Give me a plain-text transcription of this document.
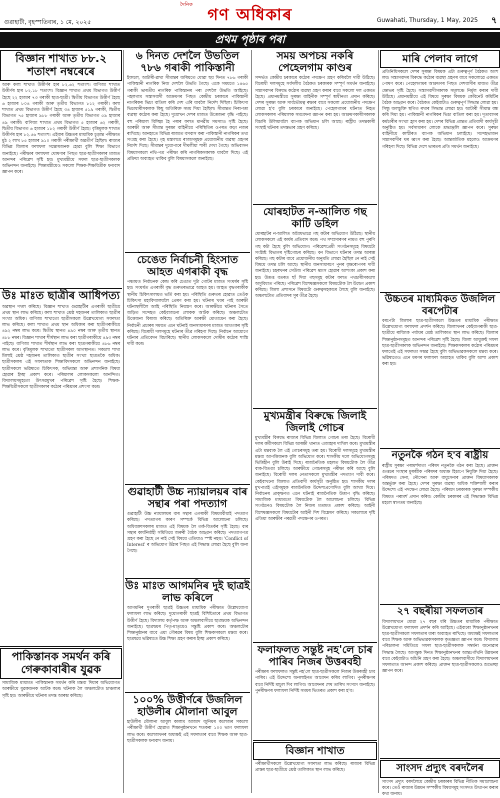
গুৱাহাটী, বৃহস্পতিবাৰ, ১ মে, ২০২৫
দৈনিক গণ অধিকাৰ	Guwahati, Thursday, 1 May, 2025 ৭
প্ৰথম পৃষ্ঠাৰ পৰা
বিজ্ঞান শাখাত ৮৮.২ শতাংশ নম্বৰেৰে
আৰু কলা শাখাত উত্তীৰ্ণৰ হাৰ ৮২.৬২ শতাংশ। বাণিজ্য শাখাত উত্তীৰ্ণৰ হাৰ ৮২.১৮ শতাংশ। বিজ্ঞান শাখাত প্ৰথম বিভাগত উত্তীৰ্ণ হৈছে ২২ হাজাৰ ৭৩ গৰাকী ছাত্ৰ-ছাত্ৰী। দ্বিতীয় বিভাগত উত্তীৰ্ণ হৈছে ৬ হাজাৰ ৮০৪ গৰাকী আৰু তৃতীয় বিভাগত ৮১২ গৰাকী। কলা শাখাত প্ৰথম বিভাগত উত্তীৰ্ণ হৈছে ৩৪ হাজাৰ ৫১৯ গৰাকী, দ্বিতীয় বিভাগত ৭৫ হাজাৰ ৯৮৮ গৰাকী আৰু তৃতীয় বিভাগত ৫৯ হাজাৰ ৪৯ গৰাকী। বাণিজ্য শাখাত প্ৰথম বিভাগত ৫ হাজাৰ ৬২ গৰাকী, দ্বিতীয় বিভাগত ৬ হাজাৰ ১৮২ গৰাকী উত্তীৰ্ণ হৈছে। বৃত্তিমূলক শাখাত উত্তীৰ্ণৰ হাৰ ৮২.৫৬ শতাংশ। এইবাৰ উচ্চতৰ মাধ্যমিক চূড়ান্ত পৰীক্ষাত মুঠ ২ লাখ ৮৫ হাজাৰ ৯১০ গৰাকী পৰীক্ষাৰ্থী অৱতীৰ্ণ হৈছিল। ৰাজ্যৰ বিভিন্ন জিলাৰ ফলাফল সন্তোষজনক হোৱা বুলি শিক্ষা বিভাগে জনাইছে। পৰীক্ষাৰ ফলাফল ঘোষণাৰ পিছত ছাত্ৰ-ছাত্ৰীসকলৰ মাজত আনন্দৰ পৰিৱেশ সৃষ্টি হয়। মুখ্যমন্ত্ৰীয়ে সফল ছাত্ৰ-ছাত্ৰীসকলক অভিনন্দন জনাইছে। শিক্ষামন্ত্ৰীয়েও সকলো শিক্ষক-শিক্ষয়িত্ৰীক ধন্যবাদ জ্ঞাপন কৰে।
উঃ মাঃত ছাত্ৰীৰ আধিপত্য
অৱস্থান দখল কৰিছে। বিজ্ঞান শাখাত গুৱাহাটীৰ এগৰাকী ছাত্ৰীয়ে প্ৰথম স্থান লাভ কৰিছে। কলা শাখাত শ্ৰেষ্ঠ দহজনৰ তালিকাত ছাত্ৰীৰ সংখ্যা অধিক। বাণিজ্য শাখাতো ছাত্ৰীসকলে উল্লেখযোগ্য সফলতা লাভ কৰিছে। কলা শাখাত প্ৰথম স্থান অধিকাৰ কৰা ছাত্ৰীগৰাকীয়ে ৪৯২ নম্বৰ লাভ কৰে। দ্বিতীয় স্থানত ৪৯০ নম্বৰ আৰু তৃতীয় স্থানত ৪৮৮ নম্বৰ। বিজ্ঞান শাখাৰ শীৰ্ষস্থান লাভ কৰা ছাত্ৰীগৰাকীয়ে ৪৯৩ নম্বৰ পাইছে। বাণিজ্য শাখাত শীৰ্ষস্থান লাভ কৰা ছাত্ৰগৰাকীয়ে ৪৮৬ নম্বৰ লাভ কৰে। বৃত্তিমূলক শাখাতো ছাত্ৰীসকল আগস্থানত। সকলো শাখা মিলাই শ্ৰেষ্ঠ দহজনৰ তালিকাত ছাত্ৰীৰ সংখ্যা ছাত্ৰতকৈ অধিক। ছাত্ৰীসকলৰ এই সফলতাক শিক্ষাবিদসকলে অভিনন্দন জনাইছে। ছাত্ৰীসকলে ভৱিষ্যতে চিকিৎসক, অভিযন্তা আৰু প্ৰশাসনিক বিষয়া হোৱাৰ ইচ্ছা প্ৰকাশ কৰে। পৰিয়ালৰ লোকসকলো আনন্দিত। বিদ্যালয়সমূহতো উৎসৱমুখৰ পৰিৱেশ সৃষ্টি হৈছে। শিক্ষক-শিক্ষয়িত্ৰীসকলে ছাত্ৰীসকলৰ কঠোৰ পৰিশ্ৰমৰ প্ৰশংসা কৰে।
পাকিস্তানক সমৰ্থন কৰি গেৰুকাবাৰীৰ যুৱক
সামাজিক মাধ্যমত পাকিস্তানক সমৰ্থন কৰি মন্তব্য দিয়াৰ অভিযোগত আৰক্ষীয়ে যুৱকজনক আটক কৰে। ঘটনাক লৈ অঞ্চলটোত চাঞ্চল্যৰ সৃষ্টি হয়। আৰক্ষীয়ে ঘটনাৰ তদন্ত আৰম্ভ কৰিছে।
৬ দিনত দেশলৈ উভতিল ৭৮৬ গৰাকী পাকিস্তানী
ইফালে, আটাৰী-ৱাঘা সীমান্তৰ জৰিয়তে যোৱা ছয় দিনত ৭৮৬ গৰাকী পাকিস্তানী নাগৰিক নিজ দেশলৈ উভতি গৈছে। একে সময়তে ১৪৬৫ গৰাকী ভাৰতীয় নাগৰিক পাকিস্তানৰ পৰা দেশলৈ উভতি আহিছে। পহলগাম সন্ত্ৰাসবাদী আক্ৰমণৰ পিছত কেন্দ্ৰীয় চৰকাৰে পাকিস্তানী নাগৰিকৰ ভিচা বাতিল কৰি দেশ এৰি যাবলৈ নিৰ্দেশ দিছিল। চিকিৎসা ভিচাধাৰীসকলক কিছু অতিৰিক্ত সময় দিয়া হৈছিল। সীমান্তত নিৰাপত্তা ব্যৱস্থা কঠোৰ কৰা হৈছে। দুয়োখন দেশৰ মাজত উত্তেজনা বৃদ্ধি পাইছে। বহু পৰিয়াল বিচ্ছিন্ন হৈ পৰাৰ ফলত মানৱীয় সমস্যাও সৃষ্টি হৈছে। আৰক্ষী আৰু সীমান্ত সুৰক্ষা বাহিনীয়ে পৰিস্থিতিৰ ওপৰত কড়া নজৰ ৰাখিছে। আনহাতে বিভিন্ন ৰাজ্যত বসবাস কৰা পাকিস্তানী নাগৰিকৰ তথ্য সংগ্ৰহ কৰা হৈছে। গৃহ মন্ত্ৰালয়ে ৰাজ্যসমূহক প্ৰয়োজনীয় ব্যৱস্থা গ্ৰহণৰ নিৰ্দেশ দিছে। সীমান্তৰ দুয়োপাৰে দীঘলীয়া শাৰী দেখা গৈছে। অভিবাসন বিষয়াসকলে নথি-পত্ৰ পৰীক্ষা কৰি নাগৰিকসকলক যাবলৈ দিছে। এই প্ৰক্ৰিয়া অব্যাহত থাকিব বুলি বিষয়াসকলে জনাইছে।
চেঙেত নিৰ্বাচনী হিংসাত আহত এগৰাকী বৃদ্ধ
পঞ্চায়ত নিৰ্বাচনক কেন্দ্ৰ কৰি চেঙাত দুটা গোটৰ মাজত সংঘৰ্ষৰ সৃষ্টি হয়। সংঘৰ্ষত এগৰাকী বৃদ্ধ গুৰুতৰভাৱে আহত হয়। আহত বৃদ্ধগৰাকীক স্থানীয় চিকিৎসালয়ত ভৰ্তি কৰা হয়। পৰিস্থিতি গুৰুতৰ হোৱাত তেওঁক চিকিৎসা মহাবিদ্যালয়লৈ প্ৰেৰণ কৰা হয়। ঘটনাৰ খবৰ পাই আৰক্ষী ঘটনাস্থলীলৈ আহি পৰিস্থিতি নিয়ন্ত্ৰণ কৰে। আৰক্ষীয়ে ঘটনাৰ সৈতে জড়িত সন্দেহত কেইবাজনো লোকক আটক কৰিছে। অঞ্চলটোত উত্তেজনা বিৰাজ কৰিছে। অতিৰিক্ত আৰক্ষী মোতায়েন কৰা হৈছে। নিৰ্বাচনী প্ৰচাৰৰ সময়ত এনে ঘটনাই জনসাধাৰণৰ মাজত আতংকৰ সৃষ্টি কৰিছে। বিৰোধী দলসমূহে ঘটনাৰ তীব্ৰ গৰিহণা দিছে। নিৰ্বাচন আয়োগে ঘটনাৰ প্ৰতিবেদন বিচাৰিছে। স্থানীয় লোকসকলে দোষীৰ কঠোৰ শাস্তি দাবী কৰে।
গুৱাহাটী উচ্চ ন্যায়ালয়ৰ বাৰ সন্থাৰ পৰা পদত্যাগ
গুৱাহাটী উচ্চ ন্যায়ালয়ৰ বাৰ সন্থাৰ এগৰাকী বিষয়ববীয়াই পদত্যাগ কৰিছে। পদত্যাগৰ কাৰণ সম্পৰ্কে বিভিন্ন আলোচনা চলিছে। অধিবক্তাসকলৰ মাজত এই বিষয়ক লৈ তৰ্ক-বিতৰ্কৰ সৃষ্টি হৈছে। বাৰ সন্থাৰ কাৰ্যনিৰ্বাহী সমিতিয়ে জৰুৰী বৈঠক আহ্বান কৰিছে। পদত্যাগপত্ৰ গ্ৰহণ কৰা হৈছে নে নাই সেই বিষয়ে এতিয়াও স্পষ্ট নহয়। 'Conflict of Interest' ৰ অভিযোগ উঠাৰ পিছত এই সিদ্ধান্ত লোৱা হৈছে বুলি জনা গৈছে।
উঃ মাঃত আগমনিৰ দুই ছাত্ৰই লাভ কৰিলে
আগমনিৰ দুগৰাকী ছাত্ৰই উচ্চতৰ মাধ্যমিক পৰীক্ষাত উল্লেখযোগ্য ফলাফল লাভ কৰিছে। দুয়োগৰাকী ছাত্ৰই বিশিষ্টতাৰে প্ৰথম বিভাগত উত্তীৰ্ণ হৈছে। বিদ্যালয় কৰ্তৃপক্ষ আৰু অঞ্চলবাসীয়ে ছাত্ৰদ্বয়ক অভিনন্দন জনাইছে। ছাত্ৰদ্বয়ৰ পিতৃ-মাতৃয়েও সন্তুষ্টি প্ৰকাশ কৰে। অঞ্চলটোৰ শিক্ষানুষ্ঠানৰ বাবে এয়া গৌৰৱৰ বিষয় বুলি শিক্ষকসকলে মন্তব্য কৰে। ছাত্ৰদ্বয়ে ভৱিষ্যতে উচ্চ শিক্ষা গ্ৰহণ কৰাৰ ইচ্ছা প্ৰকাশ কৰিছে।
১০০% উত্তীৰ্ণৰে উজলিল হাউলীৰ মৌলানা আবুল
হাউলীৰ মৌলানা আবুল কালাম আজাদ জুনিয়ৰ কলেজৰ সকলো পৰীক্ষাৰ্থী উত্তীৰ্ণ হোৱাত শিক্ষানুষ্ঠানখনে শতকৰা ১০০ ভাগ ফলাফল লাভ কৰে। কলেজখনৰ অধ্যক্ষই এই সফলতাৰ বাবে শিক্ষক আৰু ছাত্ৰ-ছাত্ৰীসকলক ধন্যবাদ জনায়।
সময় অপচয় নকৰি পেহেলগাম কাণ্ডৰ
সন্দৰ্ভত কেন্দ্ৰীয় চৰকাৰে কঠোৰ পদক্ষেপ গ্ৰহণ কৰিবলৈ দাবী উঠিছে। বিৰোধী দলসমূহে সৰ্বদলীয় বৈঠকত চৰকাৰক সম্পূৰ্ণ সমৰ্থন জনাইছে। সন্ত্ৰাসবাদৰ বিৰুদ্ধে কঠোৰ ব্যৱস্থা গ্ৰহণ কৰাৰ বাবে সকলো দল একমত হৈছে। প্ৰধানমন্ত্ৰীয়ে সুৰক্ষা বাহিনীক সম্পূৰ্ণ স্বাধীনতা প্ৰদান কৰিছে। দেশৰ সুৰক্ষা আৰু সাৰ্বভৌমত্ব ৰক্ষাৰ বাবে সকলো প্ৰয়োজনীয় পদক্ষেপ লোৱা হ'ব বুলি চৰকাৰে জনাইছে। পেহেলগামৰ ঘটনাত নিহত লোকসকলৰ পৰিয়ালক সমবেদনা জ্ঞাপন কৰা হয়। আক্ৰমণকাৰীসকলক বিচাৰি উলিয়াবলৈ ব্যাপক অভিযান চলি আছে। ৰাষ্ট্ৰীয় তদন্তকাৰী সংস্থাই ঘটনাৰ তদন্তভাৰ গ্ৰহণ কৰিছে।
যোৰহাটত ন-আলিত গছ কাটি ডহিল
যোৰহাটৰ ন-আলিত অবৈধভাৱে গছ কটাৰ অভিযোগ উঠিছে। স্থানীয় লোকসকলে এই কাৰ্যৰ প্ৰতিবাদ কৰে। পথ সম্প্ৰসাৰণৰ নামত বহু পুৰণি গছ কটা হৈছে বুলি অভিযোগ। পৰিৱেশপ্ৰেমী সংগঠনসমূহে বিষয়টো সংশ্লিষ্ট বিভাগৰ দৃষ্টিগোচৰ কৰিছে। বন বিভাগে ঘটনাৰ তদন্ত আৰম্ভ কৰিছে। গছ কটাৰ বাবে প্ৰয়োজনীয় অনুমতি লোৱা হৈছিল নে নাই সেই বিষয়ে তদন্ত চলি আছে। স্থানীয় জনসাধাৰণে পুনৰ বৃক্ষৰোপণৰ দাবী জনাইছে। চহৰখনৰ সেউজ পৰিৱেশ ধ্বংস হোৱাৰ আশংকা প্ৰকাশ কৰা হয়। উত্তপ্ত বতৰত ছাঁ দিয়া গছসমূহ কটাৰ ফলত পথচাৰীসকলো অসুবিধাত পৰিছে। পৰিৱেশ বিশেষজ্ঞসকলে বিষয়টোক লৈ উদ্বেগ প্ৰকাশ কৰিছে। জিলা প্ৰশাসনে বিষয়টো গুৰুত্বসহকাৰে লৈছে বুলি জনাইছে। অঞ্চলটোত প্ৰতিবাদৰ সুৰ তীব্ৰ হৈছে।
মুখ্যমন্ত্ৰীৰ বিৰুদ্ধে জিলাই জিলাই গোচৰ
মুখ্যমন্ত্ৰীৰ বিৰুদ্ধে ৰাজ্যৰ বিভিন্ন জিলাত গোচৰ তৰা হৈছে। বিৰোধী দলৰ কৰ্মীসকলে বিভিন্ন আৰক্ষী থানাত এজাহাৰ দাখিল কৰে। মুখ্যমন্ত্ৰীৰ এটা মন্তব্যক লৈ এই গোচৰসমূহ তৰা হয়। বিৰোধী দলসমূহে মুখ্যমন্ত্ৰীৰ মন্তব্য আপত্তিজনক বুলি অভিযোগ কৰে। শাসকীয় দলে অভিযোগসমূহ ভিত্তিহীন বুলি উৰাই দিছে। ৰাজনৈতিক মহলত বিষয়টোক লৈ তীব্ৰ বাক-বিতণ্ডা চলিছে। আৰক্ষীয়ে গোচৰসমূহ পৰীক্ষা কৰি আছে বুলি জনাইছে। বিৰোধী দলৰ নেতাসকলে মুখ্যমন্ত্ৰীৰ পদত্যাগ দাবী কৰে। কেইবাখনো জিলাত প্ৰতিবাদী কাৰ্যসূচী অনুষ্ঠিত হয়। শাসকীয় দলৰ মুখপাত্ৰই এইসমূহক ৰাজনৈতিক উদ্দেশ্যপ্ৰণোদিত বুলি আখ্যা দিয়ে। নিৰ্বাচনৰ প্ৰাক্ক্ষণত এনে ঘটনাই ৰাজনৈতিক উত্তাপ বৃদ্ধি কৰিছে। সামাজিক মাধ্যমতো বিষয়টোক লৈ আলোচনা চলিছে। বিভিন্ন সংগঠনেও বিষয়টোক লৈ নিজৰ মতামত প্ৰকাশ কৰিছে। আইনী বিশেষজ্ঞসকলে বিষয়টোৰ আইনী দিশ বিশ্লেষণ কৰিছে। সকলোৰে দৃষ্টি এতিয়া আৰক্ষীৰ পৰৱৰ্তী পদক্ষেপৰ ওপৰত।
ফলাফলত সন্তুষ্ট নহ'লে চাৰ পাৰিব নিজৰ উত্তৰবহী
পৰীক্ষাৰ ফলাফলত সন্তুষ্ট নহ'লে ছাত্ৰ-ছাত্ৰীসকলে নিজৰ উত্তৰবহী চাব পাৰিব। এই উদ্দেশ্যে অনলাইনত আবেদন কৰিব লাগিব। পুনৰীক্ষণৰ বাবে নিৰ্দিষ্ট মাচুল দিব লাগিব। আবেদনৰ শেষ তাৰিখ সংসদে জনাইছে। পুনৰীক্ষণৰ ফলাফল নিৰ্দিষ্ট সময়ৰ ভিতৰত প্ৰকাশ কৰা হ'ব।
বিজ্ঞান শাখাত
পৰীক্ষাৰ্থীসকলে উল্লেখযোগ্য সফলতা লাভ কৰিছে। ৰাজ্যৰ বিভিন্ন প্ৰান্তৰ ছাত্ৰ-ছাত্ৰীয়ে শ্ৰেষ্ঠ তালিকাত স্থান লাভ কৰিছে।
মাৰি পেলাব লাগে
প্ৰতিনিধিসকলে দেশৰ সুৰক্ষা বিষয়ক এটা গুৰুত্বপূৰ্ণ বৈঠকত অংশ লয়। সন্ত্ৰাসবাদৰ বিৰুদ্ধে কঠোৰ ব্যৱস্থা গ্ৰহণৰ বাবে সকলোৱে একমত পোষণ কৰে। পেহেলগামৰ আক্ৰমণৰ পিছত দেশবাসীৰ মাজত তীব্ৰ ক্ষোভৰ সৃষ্টি হৈছে। সন্ত্ৰাসবাদীসকলক সমূলঞ্চে নিৰ্মূল কৰাৰ দাবী উঠিছে। প্ৰধানমন্ত্ৰীয়ে এই বিষয়ে সুৰক্ষা বিষয়ক কেবিনেট কমিটিৰ বৈঠক আহ্বান কৰে। বৈঠকত কেইবাটাও গুৰুত্বপূৰ্ণ সিদ্ধান্ত লোৱা হয়। সিন্ধু জলচুক্তি স্থগিত ৰখাৰ সিদ্ধান্ত লোৱা হয়। আটাৰী সীমান্ত বন্ধ কৰি দিয়া হয়। পাকিস্তানী নাগৰিকৰ ভিচা বাতিল কৰা হয়। দূতাবাসৰ কৰ্মচাৰীৰ সংখ্যা হ্ৰাস কৰা হয়। দেশৰ বিভিন্ন প্ৰান্তত প্ৰতিবাদী কাৰ্যসূচী অনুষ্ঠিত হয়। সৰ্বসাধাৰণ লোকে শ্ৰদ্ধাঞ্জলি জ্ঞাপন কৰে। সুৰক্ষা বাহিনীয়ে কাশ্মীৰত ব্যাপক অভিযান চলাইছে। সন্দেহভাজন সন্ত্ৰাসবাদীৰ ঘৰ ধ্বংস কৰা হৈছে। আন্তৰ্জাতিক মহলেও আক্ৰমণৰ গৰিহণা দিছে। বিভিন্ন দেশে ভাৰতৰ প্ৰতি সমৰ্থন জনাইছে।
উচ্চতৰ মাধ্যমিকত উজলিল বৰপেটাৰ
বৰপেটা জিলাৰ ছাত্ৰ-ছাত্ৰীসকলে উচ্চতৰ মাধ্যমিক পৰীক্ষাত উল্লেখযোগ্য ফলাফল প্ৰদৰ্শন কৰিছে। জিলাখনৰ কেইবাগৰাকী ছাত্ৰ-ছাত্ৰীয়ে ৰাজ্যিক পৰ্যায়ৰ শ্ৰেষ্ঠ তালিকাত স্থান লাভ কৰিছে। জিলাৰ শিক্ষানুষ্ঠানসমূহত আনন্দৰ পৰিৱেশ সৃষ্টি হৈছে। জিলা আয়ুক্তই সফল ছাত্ৰ-ছাত্ৰীসকলক অভিনন্দন জনাইছে। শিক্ষকসকলৰ কঠোৰ পৰিশ্ৰমৰ ফলতেই এই সফলতা সম্ভৱ হৈছে বুলি অভিভাৱকসকলে মন্তব্য কৰে। ভৱিষ্যতেও এনে ধৰণৰ ফলাফল অব্যাহত থাকিব বুলি আশা প্ৰকাশ কৰা হয়।
নতুনকৈ গঠন হ'ব ৰাষ্ট্ৰীয়
ৰাষ্ট্ৰীয় সুৰক্ষা পৰামৰ্শদাতা পৰিষদ নতুনকৈ গঠন কৰা হৈছে। প্ৰাক্তন গুপ্তচৰ সংস্থাৰ মুৰব্বীক পৰিষদৰ অধ্যক্ষ হিচাপে নিযুক্তি দিয়া হৈছে। পৰিষদত সেনা, নৌসেনা আৰু বায়ুসেনাৰ প্ৰাক্তন বিষয়াসকলক অন্তৰ্ভুক্ত কৰা হৈছে। দেশৰ সুৰক্ষা ব্যৱস্থা অধিক শক্তিশালী কৰাৰ উদ্দেশ্যে এই পদক্ষেপ লোৱা হৈছে। পৰিষদে চৰকাৰক সুৰক্ষা সম্পৰ্কীয় বিষয়ত পৰামৰ্শ প্ৰদান কৰিব। কেন্দ্ৰীয় চৰকাৰৰ এই সিদ্ধান্তক বিভিন্ন মহলে স্বাগতম জনাইছে।
২৭ বছৰীয়া সফলতাৰ
বিদ্যালয়খনে যোৱা ২৭ বছৰ ধৰি উচ্চতৰ মাধ্যমিক পৰীক্ষাত উল্লেখযোগ্য ফলাফল প্ৰদৰ্শন কৰি আহিছে। এইবাৰো শিক্ষানুষ্ঠানখনৰ ছাত্ৰ-ছাত্ৰীসকলে সফলতাৰ ধাৰা অব্যাহত ৰাখিছে। অধ্যক্ষই সফলতাৰ বাবে শিক্ষক আৰু অভিভাৱকসকলক কৃতজ্ঞতা জ্ঞাপন কৰে। বিদ্যালয় পৰিচালনা সমিতিয়ে সফল ছাত্ৰ-ছাত্ৰীসকলক সম্বৰ্ধনা জনোৱাৰ সিদ্ধান্ত লৈছে। আগন্তুক দিনত শিক্ষানুষ্ঠানখনৰ আন্তঃগাঁথনি উন্নয়নৰ বাবে কেইবাটাও আঁচনি গ্ৰহণ কৰা হৈছে। অঞ্চলবাসীয়ে বিদ্যালয়খনৰ সফলতাত আনন্দ প্ৰকাশ কৰিছে। প্ৰাক্তন ছাত্ৰ-ছাত্ৰীসকলেও শুভেচ্ছা জ্ঞাপন কৰে।
সাংসদ প্ৰদ্যুৎ বৰদলৈৰ
সাংসদ প্ৰদ্যুৎ বৰদলৈয়ে কেন্দ্ৰীয় চৰকাৰৰ বিভিন্ন নীতিক সমালোচনা কৰে। তেওঁ ৰাজ্যৰ উন্নয়ন সম্পৰ্কীয় বিষয়সমূহ সংসদত উত্থাপন কৰাৰ কথা জনায়।
